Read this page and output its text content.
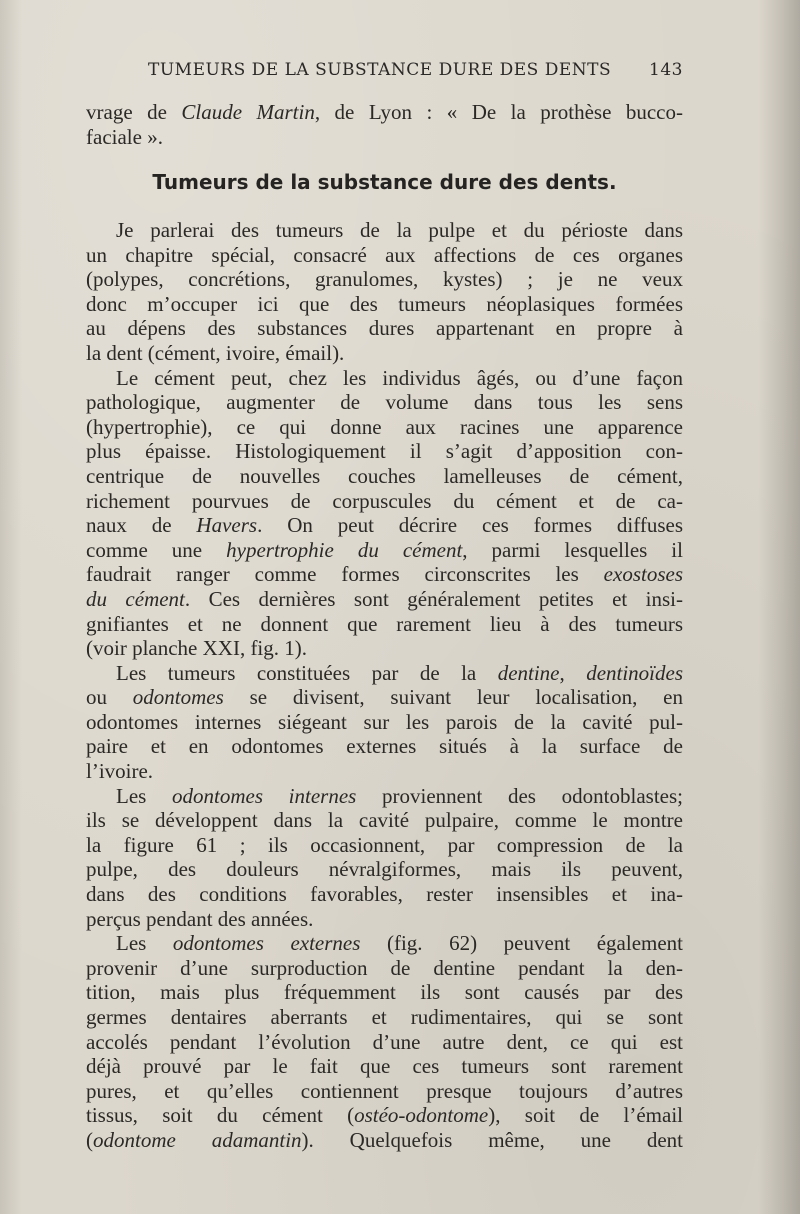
TUMEURS DE LA SUBSTANCE DURE DES DENTS 143
vrage de Claude Martin, de Lyon : « De la prothèse bucco-
faciale ».
Tumeurs de la substance dure des dents.
Je parlerai des tumeurs de la pulpe et du périoste dans
un chapitre spécial, consacré aux affections de ces organes
(polypes, concrétions, granulomes, kystes) ; je ne veux
donc m’occuper ici que des tumeurs néoplasiques formées
au dépens des substances dures appartenant en propre à
la dent (cément, ivoire, émail).
Le cément peut, chez les individus âgés, ou d’une façon
pathologique, augmenter de volume dans tous les sens
(hypertrophie), ce qui donne aux racines une apparence
plus épaisse. Histologiquement il s’agit d’apposition con-
centrique de nouvelles couches lamelleuses de cément,
richement pourvues de corpuscules du cément et de ca-
naux de Havers. On peut décrire ces formes diffuses
comme une hypertrophie du cément, parmi lesquelles il
faudrait ranger comme formes circonscrites les exostoses
du cément. Ces dernières sont généralement petites et insi-
gnifiantes et ne donnent que rarement lieu à des tumeurs
(voir planche XXI, fig. 1).
Les tumeurs constituées par de la dentine, dentinoïdes
ou odontomes se divisent, suivant leur localisation, en
odontomes internes siégeant sur les parois de la cavité pul-
paire et en odontomes externes situés à la surface de
l’ivoire.
Les odontomes internes proviennent des odontoblastes;
ils se développent dans la cavité pulpaire, comme le montre
la figure 61 ; ils occasionnent, par compression de la
pulpe, des douleurs névralgiformes, mais ils peuvent,
dans des conditions favorables, rester insensibles et ina-
perçus pendant des années.
Les odontomes externes (fig. 62) peuvent également
provenir d’une surproduction de dentine pendant la den-
tition, mais plus fréquemment ils sont causés par des
germes dentaires aberrants et rudimentaires, qui se sont
accolés pendant l’évolution d’une autre dent, ce qui est
déjà prouvé par le fait que ces tumeurs sont rarement
pures, et qu’elles contiennent presque toujours d’autres
tissus, soit du cément (ostéo-odontome), soit de l’émail
(odontome adamantin). Quelquefois même, une dent
